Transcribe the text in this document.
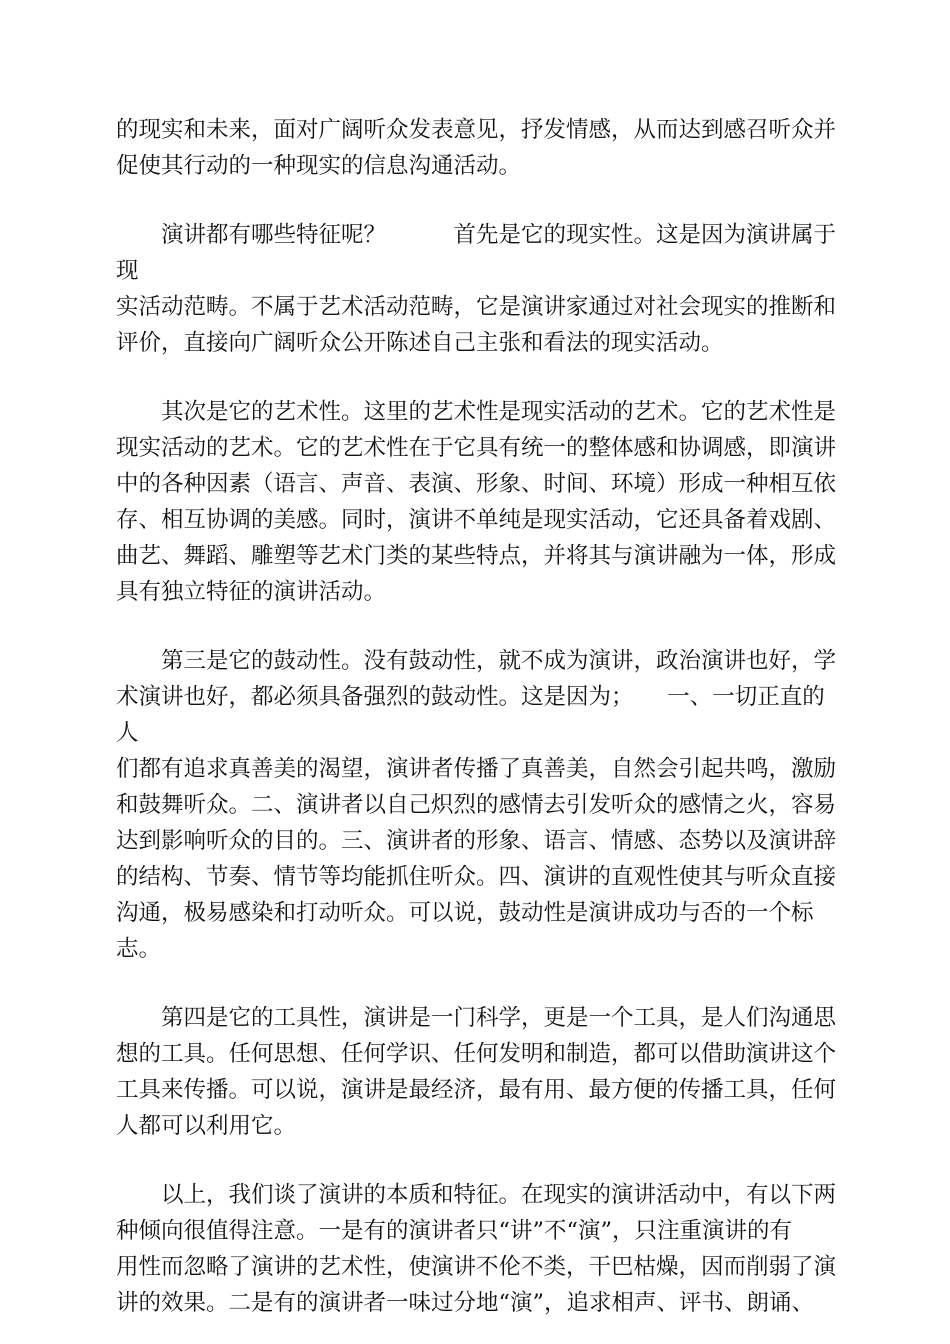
的现实和未来，面对广阔听众发表意见，抒发情感，从而达到感召听众并
促使其行动的一种现实的信息沟通活动。

　　演讲都有哪些特征呢？　　　首先是它的现实性。这是因为演讲属于现
实活动范畴。不属于艺术活动范畴，它是演讲家通过对社会现实的推断和
评价，直接向广阔听众公开陈述自己主张和看法的现实活动。

　　其次是它的艺术性。这里的艺术性是现实活动的艺术。它的艺术性是
现实活动的艺术。它的艺术性在于它具有统一的整体感和协调感，即演讲
中的各种因素（语言、声音、表演、形象、时间、环境）形成一种相互依
存、相互协调的美感。同时，演讲不单纯是现实活动，它还具备着戏剧、
曲艺、舞蹈、雕塑等艺术门类的某些特点，并将其与演讲融为一体，形成
具有独立特征的演讲活动。

　　第三是它的鼓动性。没有鼓动性，就不成为演讲，政治演讲也好，学
术演讲也好，都必须具备强烈的鼓动性。这是因为；　　一、一切正直的人
们都有追求真善美的渴望，演讲者传播了真善美，自然会引起共鸣，激励
和鼓舞听众。二、演讲者以自己炽烈的感情去引发听众的感情之火，容易
达到影响听众的目的。三、演讲者的形象、语言、情感、态势以及演讲辞
的结构、节奏、情节等均能抓住听众。四、演讲的直观性使其与听众直接
沟通，极易感染和打动听众。可以说，鼓动性是演讲成功与否的一个标
志。

　　第四是它的工具性，演讲是一门科学，更是一个工具，是人们沟通思
想的工具。任何思想、任何学识、任何发明和制造，都可以借助演讲这个
工具来传播。可以说，演讲是最经济，最有用、最方便的传播工具，任何
人都可以利用它。

　　以上，我们谈了演讲的本质和特征。在现实的演讲活动中，有以下两
种倾向很值得注意。一是有的演讲者只“讲”不“演”，只注重演讲的有
用性而忽略了演讲的艺术性，使演讲不伦不类，干巴枯燥，因而削弱了演
讲的效果。二是有的演讲者一味过分地“演”，追求相声、评书、朗诵、
